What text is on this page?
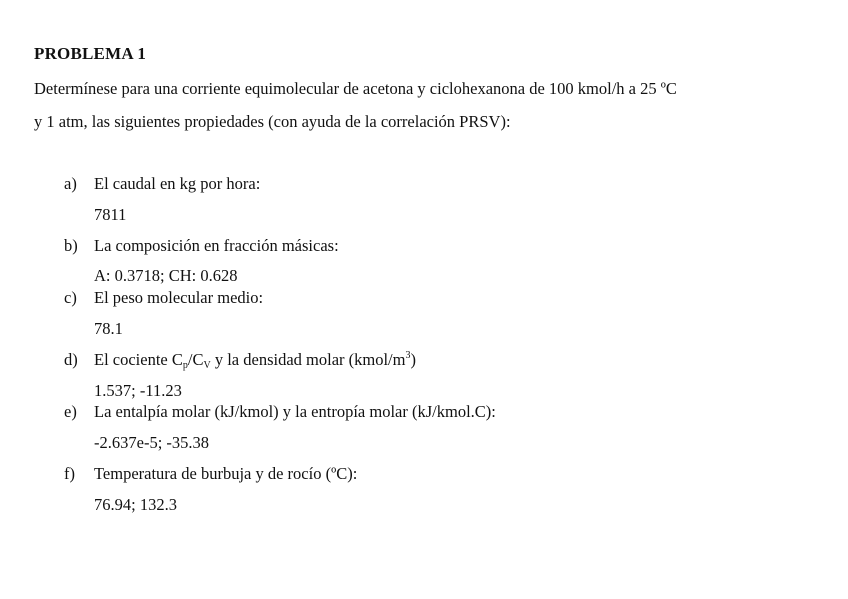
PROBLEMA 1
Determínese para una corriente equimolecular de acetona y ciclohexanona de 100 kmol/h a 25 ºC
y 1 atm, las siguientes propiedades (con ayuda de la correlación PRSV):
a) El caudal en kg por hora:
7811
b) La composición en fracción másicas:
A: 0.3718; CH: 0.628
c) El peso molecular medio:
78.1
d) El cociente $C_p/C_V$ y la densidad molar $(kmol/m^3)$
1.537; -11.23
e) La entalpía molar (kJ/kmol) y la entropía molar (kJ/kmol.C):
-2.637e-5; -35.38
f) Temperatura de burbuja y de rocío (ºC):
76.94; 132.3
